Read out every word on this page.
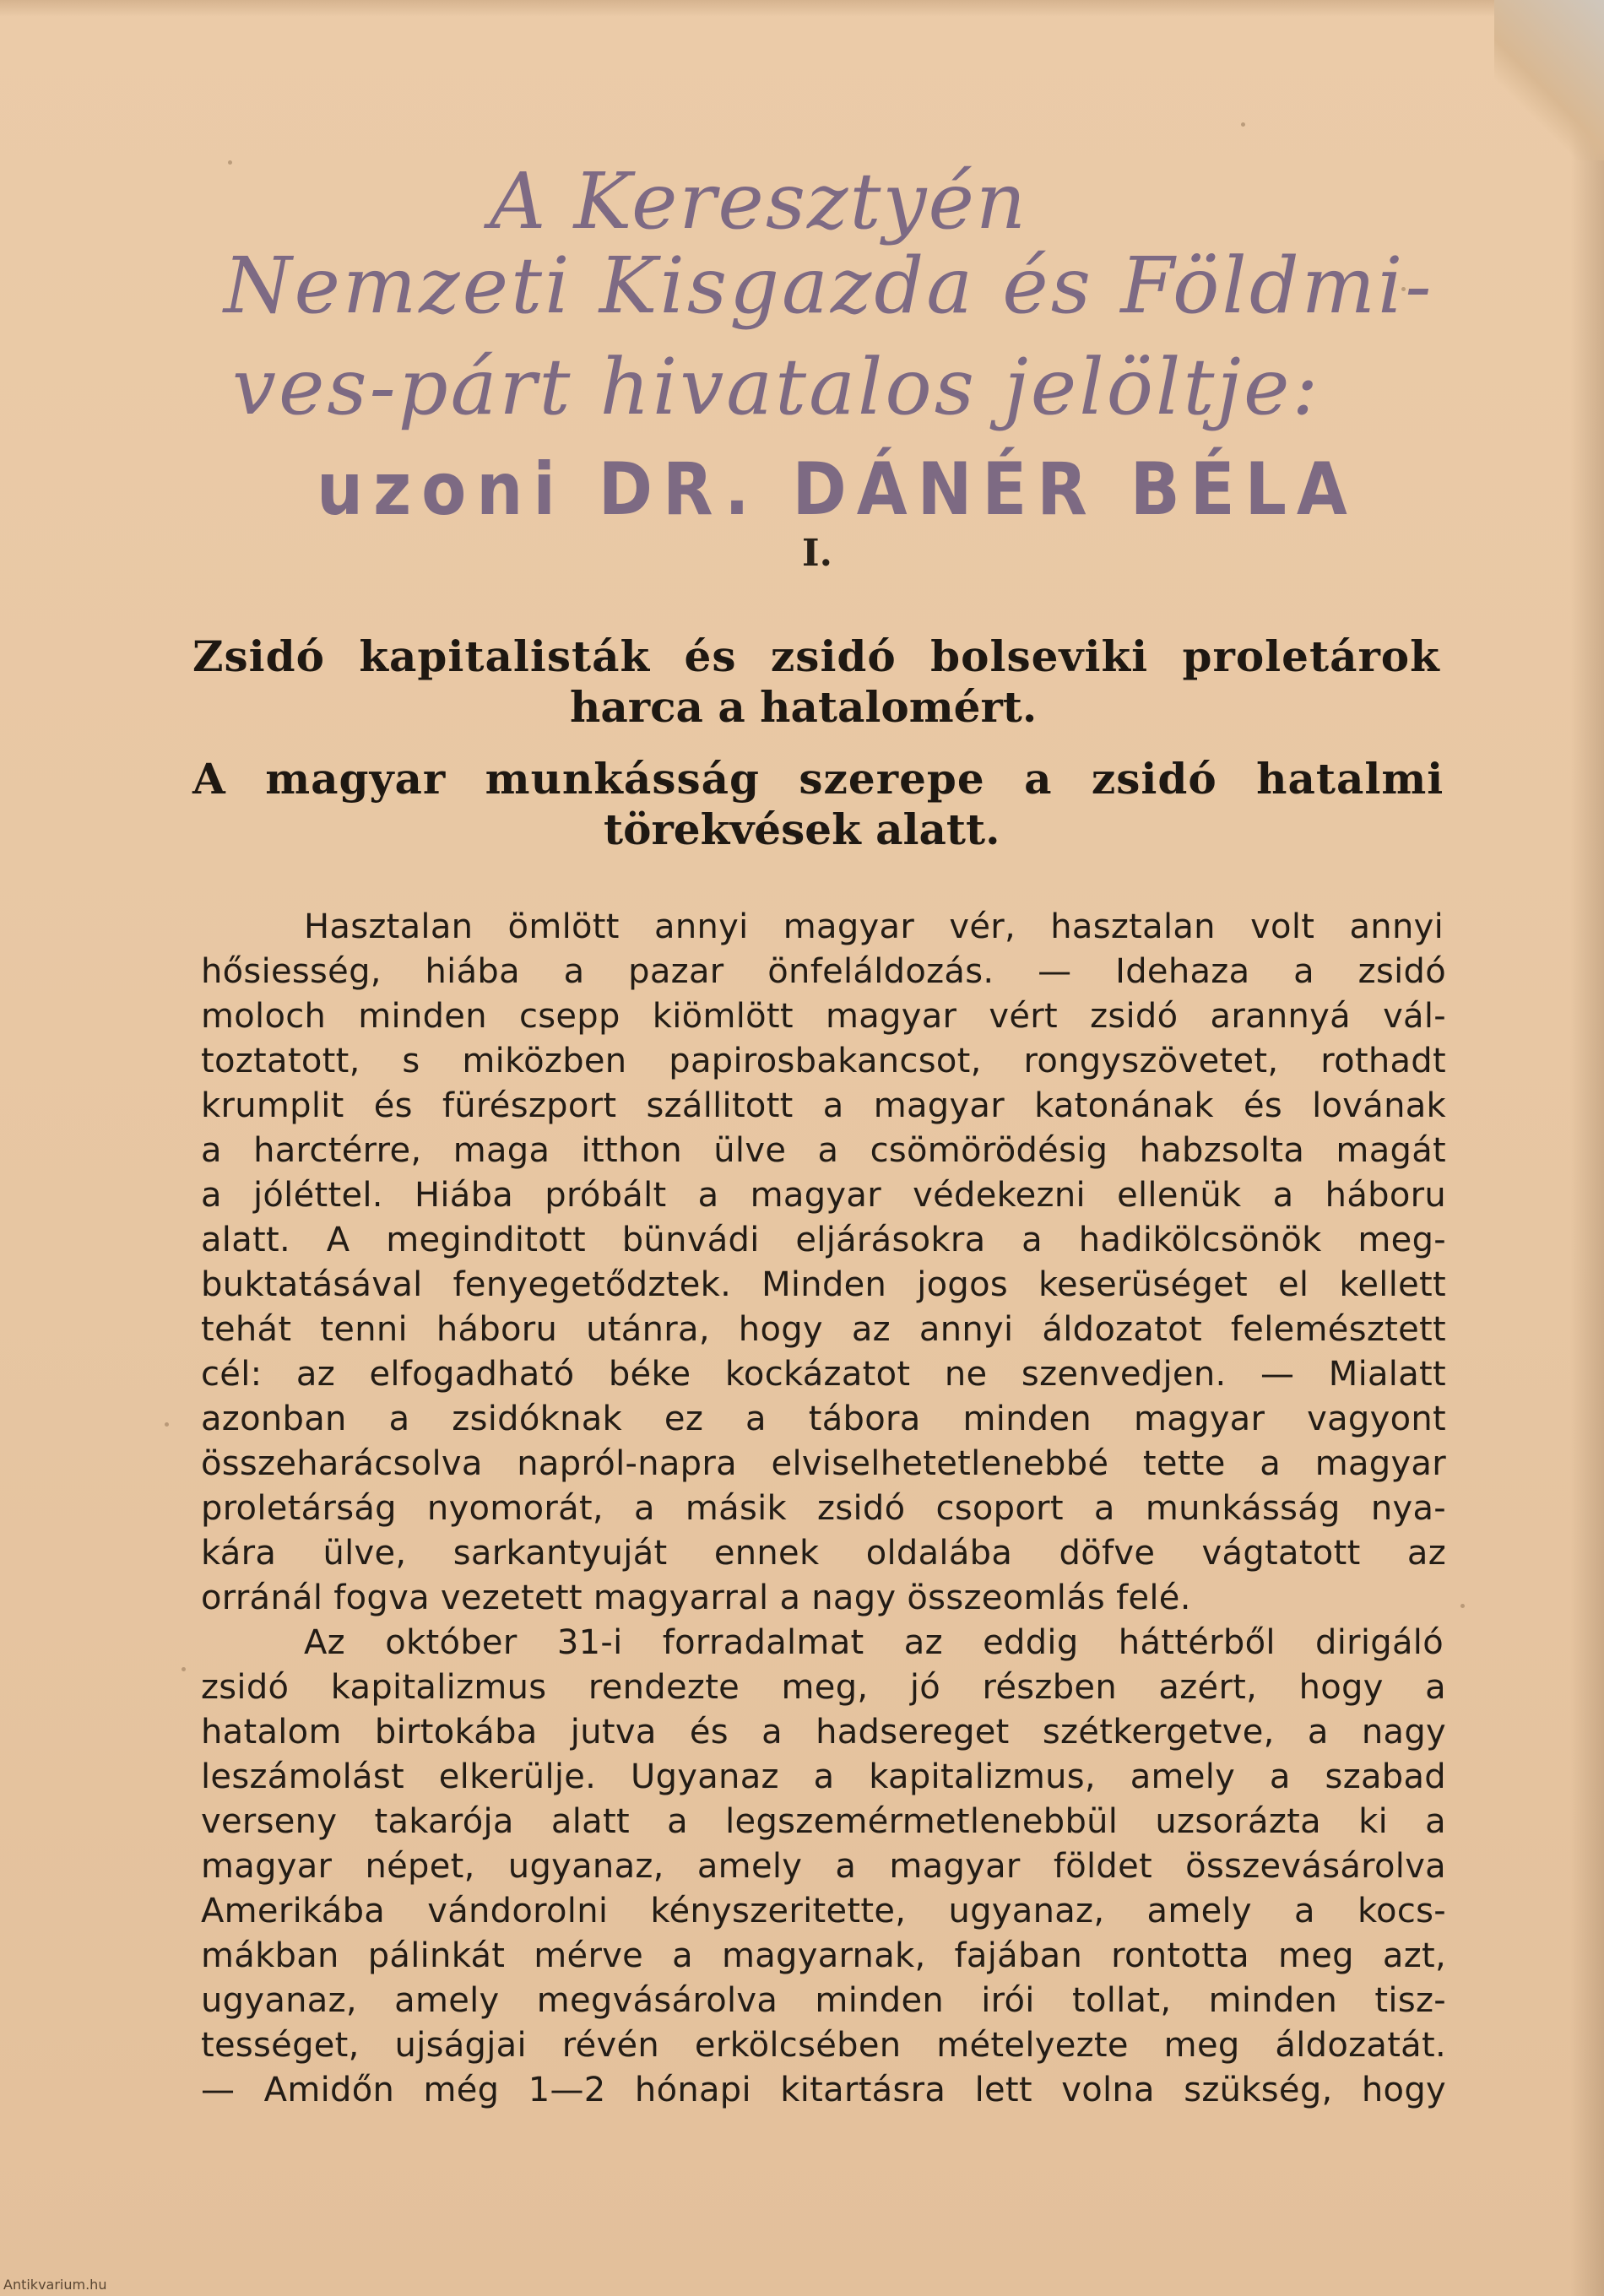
A Keresztyén
Nemzeti Kisgazda és Földmi-
ves-párt hivatalos jelöltje:
uzoni DR. DÁNÉR BÉLA
I.
Zsidó kapitalisták és zsidó bolseviki proletárok
harca a hatalomért.
A magyar munkásság szerepe a zsidó hatalmi
törekvések alatt.
Hasztalan ömlött annyi magyar vér, hasztalan volt annyi
hősiesség, hiába a pazar önfeláldozás. — Idehaza a zsidó
moloch minden csepp kiömlött magyar vért zsidó arannyá vál-
toztatott, s miközben papirosbakancsot, rongyszövetet, rothadt
krumplit és fürészport szállitott a magyar katonának és lovának
a harctérre, maga itthon ülve a csömörödésig habzsolta magát
a jóléttel. Hiába próbált a magyar védekezni ellenük a háboru
alatt. A meginditott bünvádi eljárásokra a hadikölcsönök meg-
buktatásával fenyegetődztek. Minden jogos keserüséget el kellett
tehát tenni háboru utánra, hogy az annyi áldozatot felemésztett
cél: az elfogadható béke kockázatot ne szenvedjen. — Mialatt
azonban a zsidóknak ez a tábora minden magyar vagyont
összeharácsolva napról-napra elviselhetetlenebbé tette a magyar
proletárság nyomorát, a másik zsidó csoport a munkásság nya-
kára ülve, sarkantyuját ennek oldalába döfve vágtatott az
orránál fogva vezetett magyarral a nagy összeomlás felé.
Az október 31-i forradalmat az eddig háttérből dirigáló
zsidó kapitalizmus rendezte meg, jó részben azért, hogy a
hatalom birtokába jutva és a hadsereget szétkergetve, a nagy
leszámolást elkerülje. Ugyanaz a kapitalizmus, amely a szabad
verseny takarója alatt a legszemérmetlenebbül uzsorázta ki a
magyar népet, ugyanaz, amely a magyar földet összevásárolva
Amerikába vándorolni kényszeritette, ugyanaz, amely a kocs-
mákban pálinkát mérve a magyarnak, fajában rontotta meg azt,
ugyanaz, amely megvásárolva minden irói tollat, minden tisz-
tességet, ujságjai révén erkölcsében mételyezte meg áldozatát.
— Amidőn még 1—2 hónapi kitartásra lett volna szükség, hogy
Antikvarium.hu
